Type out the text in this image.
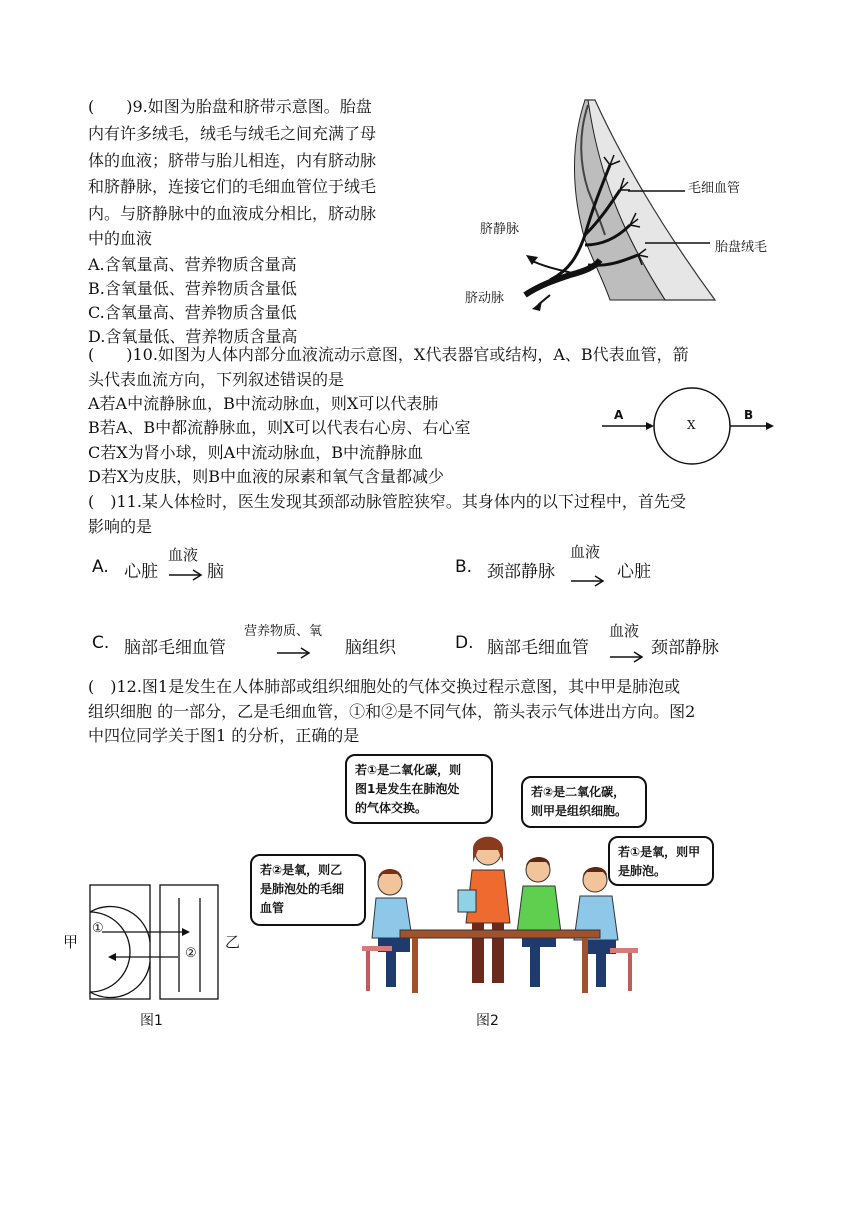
(　　)9.如图为胎盘和脐带示意图。胎盘
内有许多绒毛，绒毛与绒毛之间充满了母
体的血液；脐带与胎儿相连，内有脐动脉
和脐静脉，连接它们的毛细血管位于绒毛
内。与脐静脉中的血液成分相比，脐动脉
中的血液
A.含氧量高、营养物质含量高
B.含氧量低、营养物质含量低
C.含氧量高、营养物质含量低
D.含氧量低、营养物质含量高
毛细血管
脐静脉
胎盘绒毛
脐动脉
(　　)10.如图为人体内部分血液流动示意图，X代表器官或结构，A、B代表血管，箭
头代表血流方向，下列叙述错误的是
A若A中流静脉血，B中流动脉血，则X可以代表肺
B若A、B中都流静脉血，则X可以代表右心房、右心室
C若X为肾小球，则A中流动脉血，B中流静脉血
D若X为皮肤，则B中血液的尿素和氧气含量都减少
A
X
B
(　)11.某人体检时，医生发现其颈部动脉管腔狭窄。其身体内的以下过程中，首先受
影响的是
A. 心脏
血液
脑	B. 颈部静脉
血液
心脏
C. 脑部毛细血管
营养物质、氧
脑组织	D. 脑部毛细血管
血液
颈部静脉
(　)12.图1是发生在人体肺部或组织细胞处的气体交换过程示意图，其中甲是肺泡或
组织细胞 的一部分，乙是毛细血管，①和②是不同气体，箭头表示气体进出方向。图2
中四位同学关于图1 的分析，正确的是
甲	乙
①
②
图1
若①是二氧化碳，则
图1是发生在肺泡处
的气体交换。
若②是二氧化碳，
则甲是组织细胞。
若①是氧，则甲
是肺泡。
若②是氧，则乙
是肺泡处的毛细
血管
图2
